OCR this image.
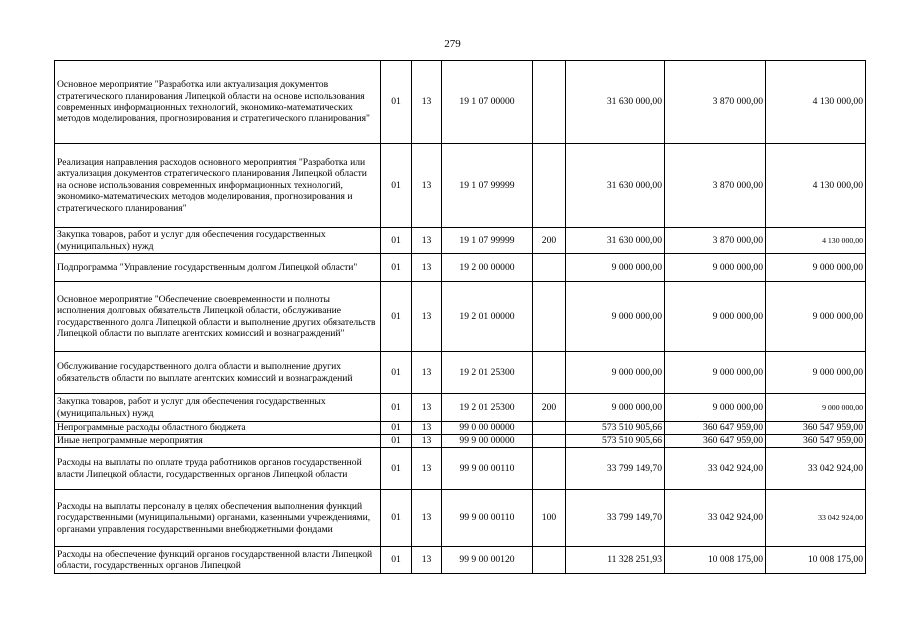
279
Основное мероприятие "Разработка или актуализация документов стратегического планирования Липецкой области на основе использования современных информационных технологий, экономико-математических методов моделирования, прогнозирования и стратегического планирования"	01	13	19 1 07 00000		31 630 000,00	3 870 000,00	4 130 000,00
Реализация направления расходов основного мероприятия "Разработка или актуализация документов стратегического планирования Липецкой области на основе использования современных информационных технологий, экономико-математических методов моделирования, прогнозирования и стратегического планирования"	01	13	19 1 07 99999		31 630 000,00	3 870 000,00	4 130 000,00
Закупка товаров, работ и услуг для обеспечения государственных (муниципальных) нужд	01	13	19 1 07 99999	200	31 630 000,00	3 870 000,00	4 130 000,00
Подпрограмма "Управление государственным долгом Липецкой области"	01	13	19 2 00 00000		9 000 000,00	9 000 000,00	9 000 000,00
Основное мероприятие "Обеспечение своевременности и полноты исполнения долговых обязательств Липецкой области, обслуживание государственного долга Липецкой области и выполнение других обязательств Липецкой области по выплате агентских комиссий и вознаграждений"	01	13	19 2 01 00000		9 000 000,00	9 000 000,00	9 000 000,00
Обслуживание государственного долга области и выполнение других обязательств области по выплате агентских комиссий и вознаграждений	01	13	19 2 01 25300		9 000 000,00	9 000 000,00	9 000 000,00
Закупка товаров, работ и услуг для обеспечения государственных (муниципальных) нужд	01	13	19 2 01 25300	200	9 000 000,00	9 000 000,00	9 000 000,00
Непрограммные расходы областного бюджета	01	13	99 0 00 00000		573 510 905,66	360 647 959,00	360 547 959,00
Иные непрограммные мероприятия	01	13	99 9 00 00000		573 510 905,66	360 647 959,00	360 547 959,00
Расходы на выплаты по оплате труда работников органов государственной власти Липецкой области, государственных органов Липецкой области	01	13	99 9 00 00110		33 799 149,70	33 042 924,00	33 042 924,00
Расходы на выплаты персоналу в целях обеспечения выполнения функций государственными (муниципальными) органами, казенными учреждениями, органами управления государственными внебюджетными фондами	01	13	99 9 00 00110	100	33 799 149,70	33 042 924,00	33 042 924,00
Расходы на обеспечение функций органов государственной власти Липецкой области, государственных органов Липецкой	01	13	99 9 00 00120		11 328 251,93	10 008 175,00	10 008 175,00
